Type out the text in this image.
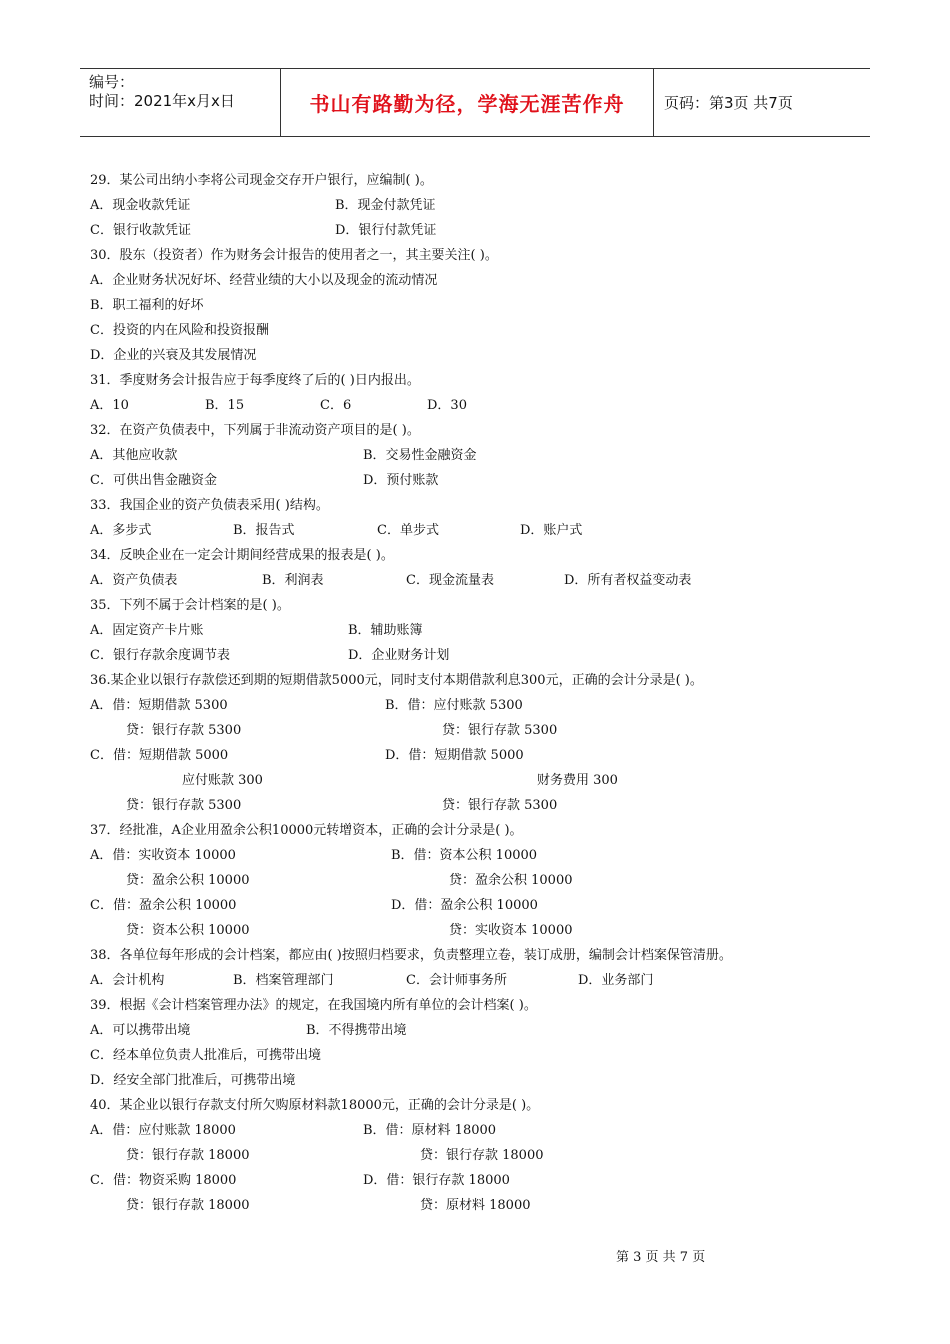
编号：
时间：2021年x月x日	书山有路勤为径，学海无涯苦作舟	页码：第3页 共7页
29．某公司出纳小李将公司现金交存开户银行，应编制( )。
A．现金收款凭证	B．现金付款凭证
C．银行收款凭证	D．银行付款凭证
30．股东（投资者）作为财务会计报告的使用者之一，其主要关注( )。
A．企业财务状况好坏、经营业绩的大小以及现金的流动情况
B．职工福利的好坏
C．投资的内在风险和投资报酬
D．企业的兴衰及其发展情况
31．季度财务会计报告应于每季度终了后的( )日内报出。
A．10	B．15	C．6	D．30
32．在资产负债表中，下列属于非流动资产项目的是( )。
A．其他应收款	B．交易性金融资金
C．可供出售金融资金	D．预付账款
33．我国企业的资产负债表采用( )结构。
A．多步式	B．报告式	C．单步式	D．账户式
34．反映企业在一定会计期间经营成果的报表是( )。
A．资产负债表	B．利润表	C．现金流量表	D．所有者权益变动表
35．下列不属于会计档案的是( )。
A．固定资产卡片账	B．辅助账簿
C．银行存款余度调节表	D．企业财务计划
36.某企业以银行存款偿还到期的短期借款5000元，同时支付本期借款利息300元，正确的会计分录是( )。
A．借：短期借款 5300	B．借：应付账款 5300
贷：银行存款 5300	贷：银行存款 5300
C．借：短期借款 5000	D．借：短期借款 5000
应付账款 300	财务费用 300
贷：银行存款 5300	贷：银行存款 5300
37．经批准，A企业用盈余公积10000元转增资本，正确的会计分录是( )。
A．借：实收资本 10000	B．借：资本公积 10000
贷：盈余公积 10000	贷：盈余公积 10000
C．借：盈余公积 10000	D．借：盈余公积 10000
贷：资本公积 10000	贷：实收资本 10000
38．各单位每年形成的会计档案，都应由( )按照归档要求，负责整理立卷，装订成册，编制会计档案保管清册。
A．会计机构	B．档案管理部门	C．会计师事务所	D．业务部门
39．根据《会计档案管理办法》的规定，在我国境内所有单位的会计档案( )。
A．可以携带出境	B．不得携带出境
C．经本单位负责人批准后，可携带出境
D．经安全部门批准后，可携带出境
40．某企业以银行存款支付所欠购原材料款18000元，正确的会计分录是( )。
A．借：应付账款 18000	B．借：原材料 18000
贷：银行存款 18000	贷：银行存款 18000
C．借：物资采购 18000	D．借：银行存款 18000
贷：银行存款 18000	贷：原材料 18000
第 3 页 共 7 页
